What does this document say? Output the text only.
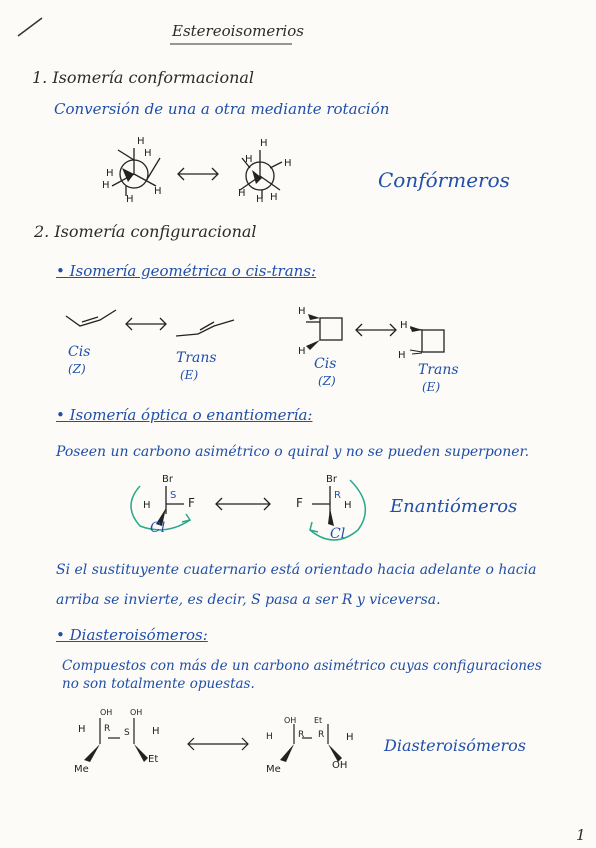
Estereoisomerios
1. Isomería conformacional
Conversión de una a otra mediante rotación
H
H
H
H
H
H
H
H	H
H
H H
Confórmeros
2. Isomería configuracional
• Isomería geométrica o cis-trans:
H
H
H
H
Cis
(Z)
Trans
(E)
Cis
(Z)
Trans
(E)
• Isomería óptica o enantiomería:
Poseen un carbono asimétrico o quiral y no se pueden superponer.
Br
H	F
Cl
S
Br
F	H
Cl
R
Enantiómeros
Si el sustituyente cuaternario está orientado hacia adelante o hacia
arriba se invierte, es decir, S pasa a ser R y viceversa.
• Diasteroisómeros:
Compuestos con más de un carbono asimétrico cuyas configuraciones
no son totalmente opuestas.
OH OH
H	H
R S
Me
Et
OH Et
H	H
R R
Me	OH
Diasteroisómeros
1
